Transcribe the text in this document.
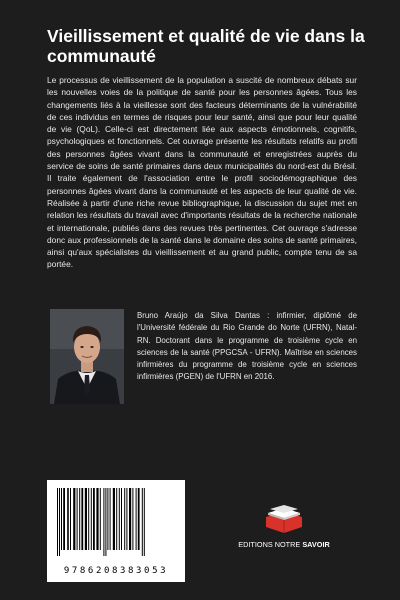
Vieillissement et qualité de vie dans la communauté
Le processus de vieillissement de la population a suscité de nombreux débats sur les nouvelles voies de la politique de santé pour les personnes âgées. Tous les changements liés à la vieillesse sont des facteurs déterminants de la vulnérabilité de ces individus en termes de risques pour leur santé, ainsi que pour leur qualité de vie (QoL). Celle-ci est directement liée aux aspects émotionnels, cognitifs, psychologiques et fonctionnels. Cet ouvrage présente les résultats relatifs au profil des personnes âgées vivant dans la communauté et enregistrées auprès du service de soins de santé primaires dans deux municipalités du nord-est du Brésil. Il traite également de l'association entre le profil sociodémographique des personnes âgées vivant dans la communauté et les aspects de leur qualité de vie. Réalisée à partir d'une riche revue bibliographique, la discussion du sujet met en relation les résultats du travail avec d'importants résultats de la recherche nationale et internationale, publiés dans des revues très pertinentes. Cet ouvrage s'adresse donc aux professionnels de la santé dans le domaine des soins de santé primaires, ainsi qu'aux spécialistes du vieillissement et au grand public, compte tenu de sa portée.
Bruno Araújo da Silva Dantas : infirmier, diplômé de l'Université fédérale du Rio Grande do Norte (UFRN), Natal-RN. Doctorant dans le programme de troisième cycle en sciences de la santé (PPGCSA - UFRN). Maîtrise en sciences infirmières du programme de troisième cycle en sciences infirmières (PGEN) de l'UFRN en 2016.
9786208383053
EDITIONS NOTRE SAVOIR
